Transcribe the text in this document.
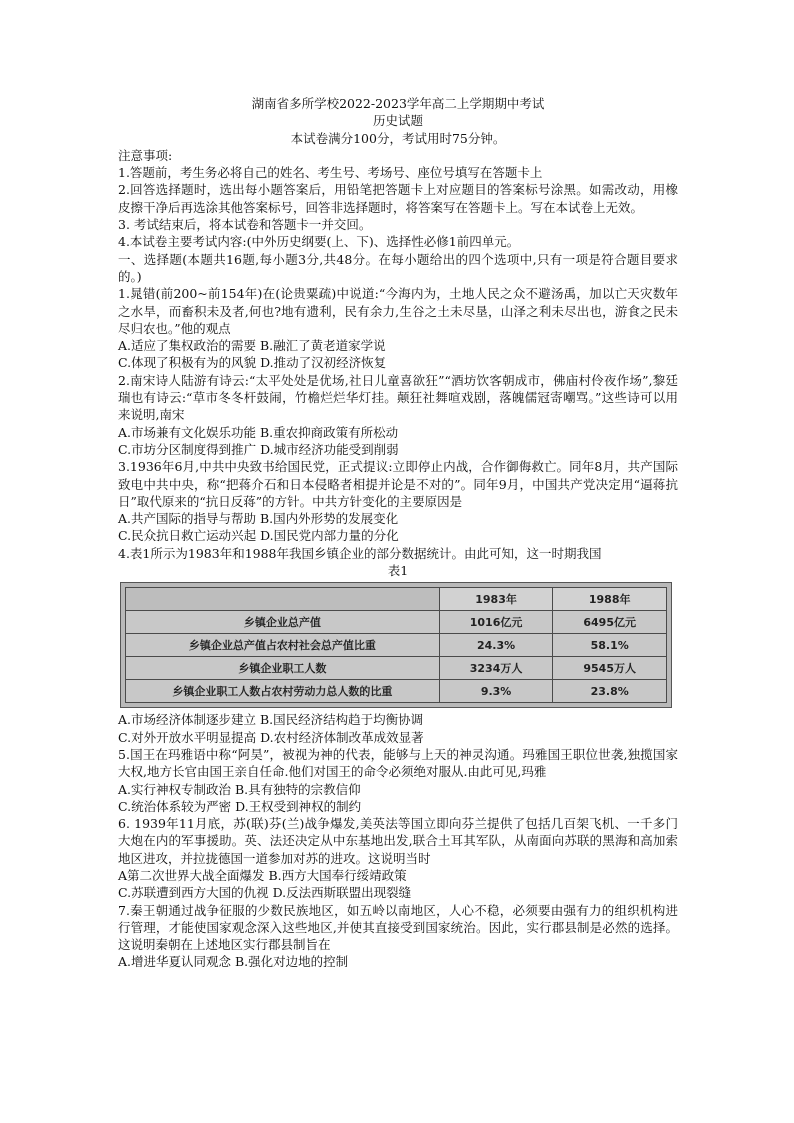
湖南省多所学校2022-2023学年高二上学期期中考试

历史试题

本试卷满分100分，考试用时75分钟。

注意事项:

1.答题前，考生务必将自己的姓名、考生号、考场号、座位号填写在答题卡上

2.回答选择题时，选出每小题答案后，用铅笔把答题卡上对应题目的答案标号涂黑。如需改动，用橡皮擦干净后再选涂其他答案标号，回答非选择题时，将答案写在答题卡上。写在本试卷上无效。

3. 考试结束后，将本试卷和答题卡一并交回。

4.本试卷主要考试内容:(中外历史纲要(上、下)、选择性必修1前四单元。

一、选择题(本题共16题,每小题3分,共48分。在每小题给出的四个选项中,只有一项是符合题目要求的。)

1.晁错(前200~前154年)在(论贵粟疏)中说道:“今海内为，土地人民之众不避汤禹，加以亡天灾数年之水旱，而畜积未及者,何也?地有遗利，民有余力,生谷之土未尽垦，山泽之利未尽出也，游食之民未尽归农也。”他的观点

A.适应了集权政治的需要 B.融汇了黄老道家学说

C.体现了积极有为的风貌 D.推动了汉初经济恢复

2.南宋诗人陆游有诗云:“太平处处是优场,社日儿童喜欲狂”“酒坊饮客朝成市，佛庙村伶夜作场”,黎廷瑞也有诗云:“草市冬冬杆鼓闹，竹檐烂烂华灯挂。颠狂社舞喧戏剧，落魄儒冠寄嘲骂。”这些诗可以用来说明,南宋

A.市场兼有文化娱乐功能 B.重农抑商政策有所松动

C.市坊分区制度得到推广 D.城市经济功能受到削弱

3.1936年6月,中共中央致书给国民党，正式提议:立即停止内战，合作御侮救亡。同年8月，共产国际致电中共中央，称“把蒋介石和日本侵略者相提并论是不对的”。同年9月，中国共产党决定用“逼蒋抗日”取代原来的“抗日反蒋”的方针。中共方针变化的主要原因是

A.共产国际的指导与帮助 B.国内外形势的发展变化

C.民众抗日救亡运动兴起 D.国民党内部力量的分化

4.表1所示为1983年和1988年我国乡镇企业的部分数据统计。由此可知，这一时期我国

表1

	1983年	1988年
乡镇企业总产值	1016亿元	6495亿元
乡镇企业总产值占农村社会总产值比重	24.3%	58.1%
乡镇企业职工人数	3234万人	9545万人
乡镇企业职工人数占农村劳动力总人数的比重	9.3%	23.8%

A.市场经济体制逐步建立 B.国民经济结构趋于均衡协调

C.对外开放水平明显提高 D.农村经济体制改革成效显著

5.国王在玛雅语中称“阿昊”，被视为神的代表，能够与上天的神灵沟通。玛雅国王职位世袭,独揽国家大权,地方长官由国王亲自任命.他们对国王的命令必须绝对服从.由此可见,玛雅

A.实行神权专制政治 B.具有独特的宗教信仰

C.统治体系较为严密 D.王权受到神权的制约

6. 1939年11月底，苏(联)芬(兰)战争爆发,美英法等国立即向芬兰提供了包括几百架飞机、一千多门大炮在内的军事援助。英、法还决定从中东基地出发,联合土耳其军队，从南面向苏联的黑海和高加索地区进攻，并拉拢德国一道参加对苏的进攻。这说明当时

A第二次世界大战全面爆发 B.西方大国奉行绥靖政策

C.苏联遭到西方大国的仇视 D.反法西斯联盟出现裂缝

7.秦王朝通过战争征服的少数民族地区，如五岭以南地区，人心不稳，必须要由强有力的组织机构进行管理，才能使国家观念深入这些地区,并使其直接受到国家统治。因此，实行郡县制是必然的选择。这说明秦朝在上述地区实行郡县制旨在

A.增进华夏认同观念 B.强化对边地的控制
